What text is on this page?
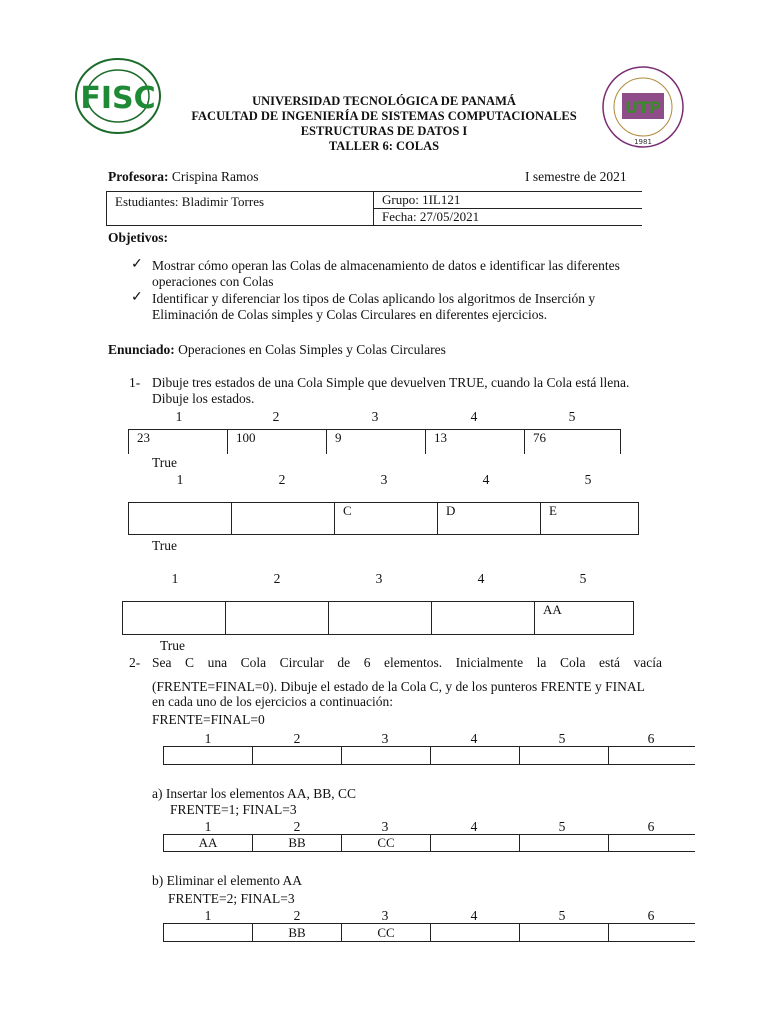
FISC	UTP
1981
UNIVERSIDAD TECNOLÓGICA DE PANAMÁ
FACULTAD DE INGENIERÍA DE SISTEMAS COMPUTACIONALES
ESTRUCTURAS DE DATOS I
TALLER 6: COLAS
Profesora: Crispina Ramos	I semestre de 2021
Estudiantes: Bladimir Torres	Grupo: 1IL121
Fecha: 27/05/2021
Objetivos:
✓ Mostrar cómo operan las Colas de almacenamiento de datos e identificar las diferentes
operaciones con Colas
✓ Identificar y diferenciar los tipos de Colas aplicando los algoritmos de Inserción y
Eliminación de Colas simples y Colas Circulares en diferentes ejercicios.
Enunciado: Operaciones en Colas Simples y Colas Circulares
1- Dibuje tres estados de una Cola Simple que devuelven TRUE, cuando la Cola está llena.
Dibuje los estados.
1	2	3	4	5
23	100	9	13	76
True
1	2	3	4	5
		C	D	E
True
1	2	3	4	5
				AA
True
2- Sea C una Cola Circular de 6 elementos. Inicialmente la Cola está vacía
(FRENTE=FINAL=0). Dibuje el estado de la Cola C, y de los punteros FRENTE y FINAL
en cada uno de los ejercicios a continuación:
FRENTE=FINAL=0
1	2	3	4	5	6

a) Insertar los elementos AA, BB, CC
FRENTE=1; FINAL=3
1	2	3	4	5	6
AA	BB	CC			
b) Eliminar el elemento AA
FRENTE=2; FINAL=3
1	2	3	4	5	6
	BB	CC			
